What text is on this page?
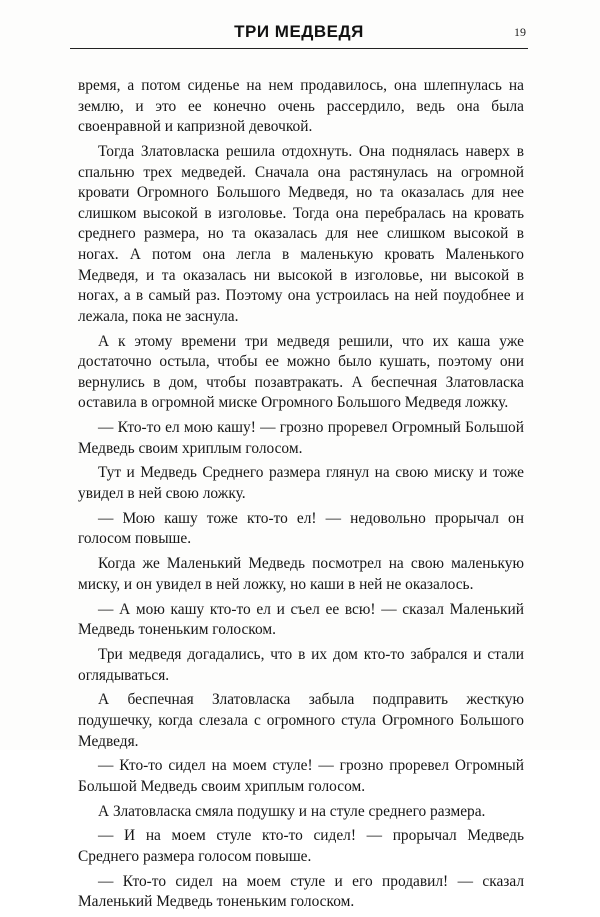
ТРИ МЕДВЕДЯ	19

время, а потом сиденье на нем продавилось, она шлепнулась на землю, и это ее конечно очень рассердило, ведь она была своенравной и капризной девочкой.

Тогда Златовласка решила отдохнуть. Она поднялась наверх в спальню трех медведей. Сначала она растянулась на огромной кровати Огромного Большого Медведя, но та оказалась для нее слишком высокой в изголовье. Тогда она перебралась на кровать среднего размера, но та оказалась для нее слишком высокой в ногах. А потом она легла в маленькую кровать Маленького Медведя, и та оказалась ни высокой в изголовье, ни высокой в ногах, а в самый раз. Поэтому она устроилась на ней поудобнее и лежала, пока не заснула.

А к этому времени три медведя решили, что их каша уже достаточно остыла, чтобы ее можно было кушать, поэтому они вернулись в дом, чтобы позавтракать. А беспечная Златовласка оставила в огромной миске Огромного Большого Медведя ложку.

— Кто-то ел мою кашу! — грозно проревел Огромный Большой Медведь своим хриплым голосом.

Тут и Медведь Среднего размера глянул на свою миску и тоже увидел в ней свою ложку.

— Мою кашу тоже кто-то ел! — недовольно прорычал он голосом повыше.

Когда же Маленький Медведь посмотрел на свою маленькую миску, и он увидел в ней ложку, но каши в ней не оказалось.

— А мою кашу кто-то ел и съел ее всю! — сказал Маленький Медведь тоненьким голоском.

Три медведя догадались, что в их дом кто-то забрался и стали оглядываться.

А беспечная Златовласка забыла подправить жесткую подушечку, когда слезала с огромного стула Огромного Большого Медведя.

— Кто-то сидел на моем стуле! — грозно проревел Огромный Большой Медведь своим хриплым голосом.

А Златовласка смяла подушку и на стуле среднего размера.

— И на моем стуле кто-то сидел! — прорычал Медведь Среднего размера голосом повыше.

— Кто-то сидел на моем стуле и его продавил! — сказал Маленький Медведь тоненьким голоском.
